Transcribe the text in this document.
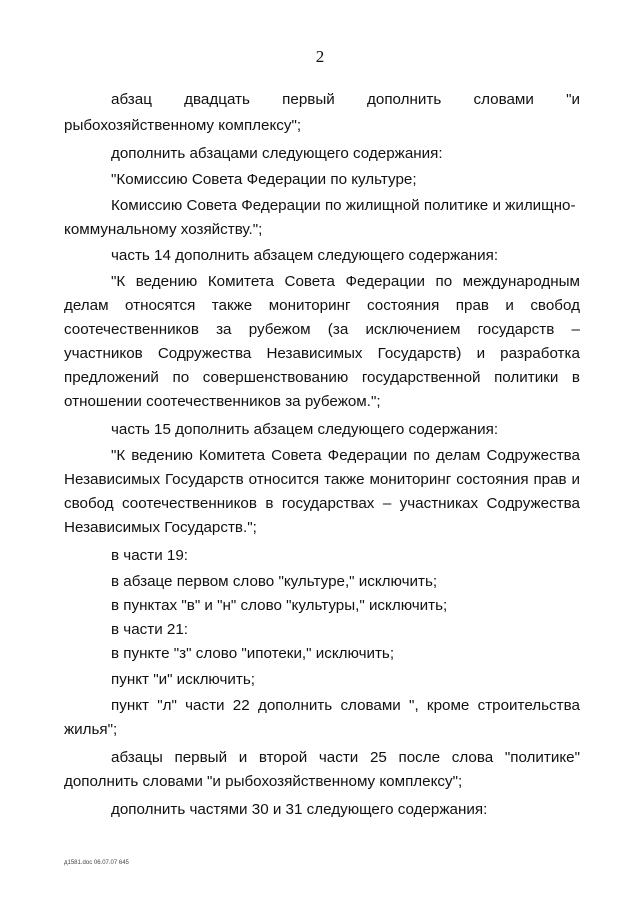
2
абзац двадцать первый дополнить словами "и
рыбохозяйственному комплексу";
дополнить абзацами следующего содержания:
"Комиссию Совета Федерации по культуре;
Комиссию Совета Федерации по жилищной политике и жилищно-
коммунальному хозяйству.";
часть 14 дополнить абзацем следующего содержания:
"К ведению Комитета Совета Федерации по международным
делам относятся также мониторинг состояния прав и свобод
соотечественников за рубежом (за исключением государств –
участников Содружества Независимых Государств) и разработка
предложений по совершенствованию государственной политики в
отношении соотечественников за рубежом.";
часть 15 дополнить абзацем следующего содержания:
"К ведению Комитета Совета Федерации по делам Содружества
Независимых Государств относится также мониторинг состояния прав и
свобод соотечественников в государствах – участниках Содружества
Независимых Государств.";
в части 19:
в абзаце первом слово "культуре," исключить;
в пунктах "в" и "н" слово "культуры," исключить;
в части 21:
в пункте "з" слово "ипотеки," исключить;
пункт "и" исключить;
пункт "л" части 22 дополнить словами ", кроме строительства
жилья";
абзацы первый и второй части 25 после слова "политике"
дополнить словами "и рыбохозяйственному комплексу";
дополнить частями 30 и 31 следующего содержания:
д1581.doc 06.07.07 645
